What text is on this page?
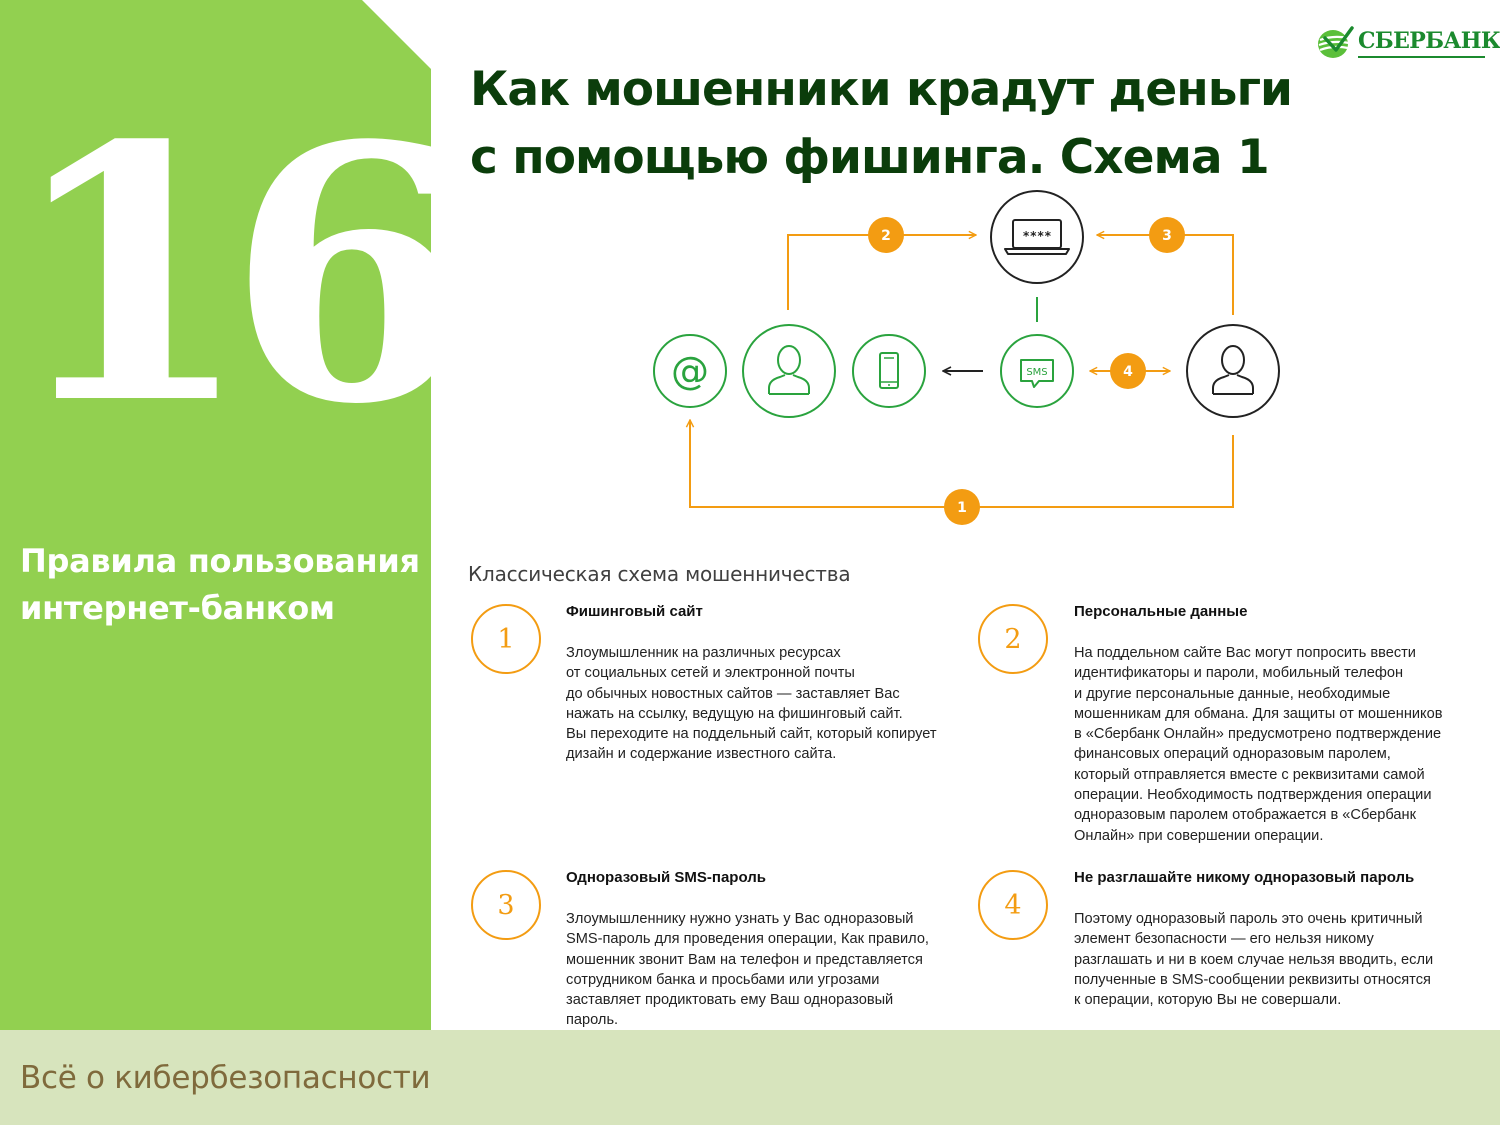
16

Правила пользования интернет-банком

СБЕРБАНК
Как мошенники крадут деньги с помощью фишинга. Схема 1
@	SMS
****
2	3
4
1

Классическая схема мошенничества

1

Фишинговый сайт

Злоумышленник на различных ресурсах
от социальных сетей и электронной почты
до обычных новостных сайтов — заставляет Вас
нажать на ссылку, ведущую на фишинговый сайт.
Вы переходите на поддельный сайт, который копирует
дизайн и содержание известного сайта.

2

Персональные данные

На поддельном сайте Вас могут попросить ввести
идентификаторы и пароли, мобильный телефон
и другие персональные данные, необходимые
мошенникам для обмана. Для защиты от мошенников
в «Сбербанк Онлайн» предусмотрено подтверждение
финансовых операций одноразовым паролем,
который отправляется вместе с реквизитами самой
операции. Необходимость подтверждения операции
одноразовым паролем отображается в «Сбербанк
Онлайн» при совершении операции.

3

Одноразовый SMS-пароль

Злоумышленнику нужно узнать у Вас одноразовый
SMS-пароль для проведения операции, Как правило,
мошенник звонит Вам на телефон и представляется
сотрудником банка и просьбами или угрозами
заставляет продиктовать ему Ваш одноразовый
пароль.

4

Не разглашайте никому одноразовый пароль

Поэтому одноразовый пароль это очень критичный
элемент безопасности — его нельзя никому
разглашать и ни в коем случае нельзя вводить, если
полученные в SMS-сообщении реквизиты относятся
к операции, которую Вы не совершали.

Всё о кибербезопасности
